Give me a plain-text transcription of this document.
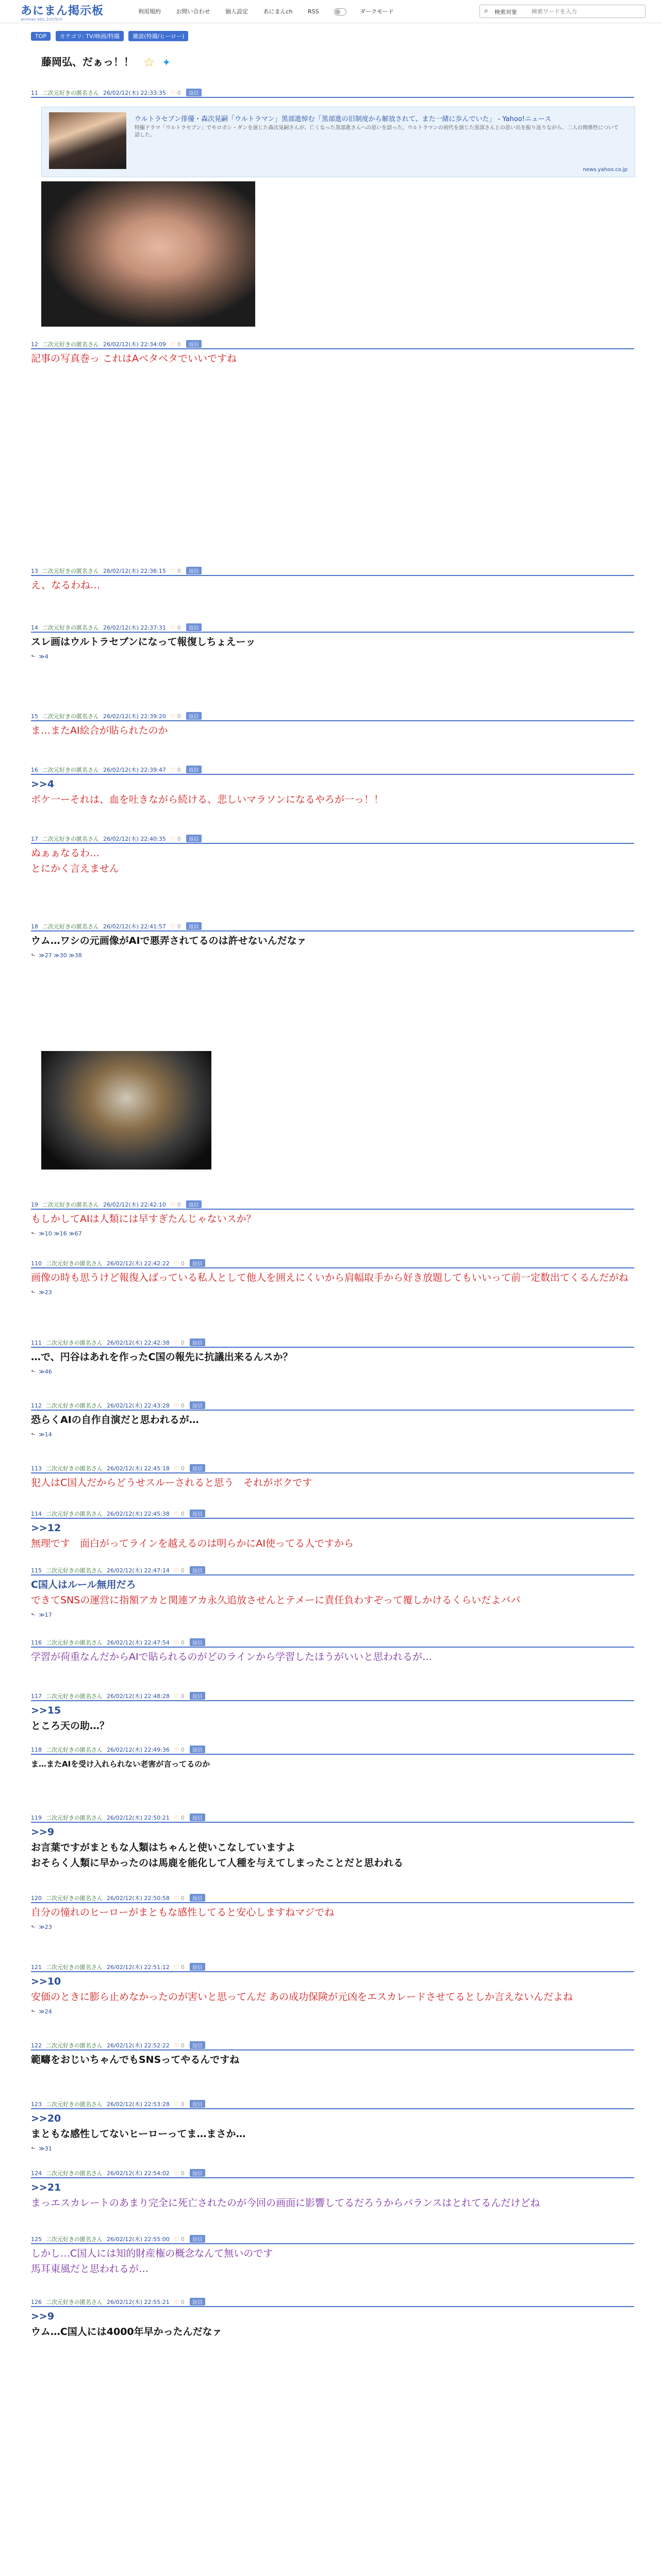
あにまん掲示板
animan bbs 2ch/5ch
利用規約	お問い合わせ	個人設定	あにまんch	RSS	ダークモード	⌕ 検索対象
検索ワードを入力
TOP カテゴリ: TV/映画/特撮 雑談(特撮/ヒーロー)
藤岡弘、だぁっ！！ ☆ ✦
ウルトラセブン俳優・森次晃嗣「ウルトラマン」黒部進悼む「黒部進の旧制度から解放されて、また一緒に歩んでいた」 - Yahoo!ニュース
特撮ドラマ「ウルトラセブン」でモロボシ・ダンを演じた森次晃嗣さんが、亡くなった黒部進さんへの思いを語った。ウルトラマンの初代を演じた黒部さんとの思い出を振り返りながら、二人の関係性について話した。
news.yahoo.co.jp
11 二次元好きの匿名さん 26/02/12(木) 22:33:35 ♡ 0 返信
12 二次元好きの匿名さん 26/02/12(木) 22:34:09 ♡ 0 返信
記事の写真巻っ これはAベタベタでいいですね
13 二次元好きの匿名さん 26/02/12(木) 22:36:15 ♡ 0 返信
え、なるわね…
14 二次元好きの匿名さん 26/02/12(木) 22:37:31 ♡ 0 返信
スレ画はウルトラセブンになって報復しちょえーッ
⬑ ≫4
15 二次元好きの匿名さん 26/02/12(木) 22:39:20 ♡ 0 返信
ま…またAI絵合が貼られたのか
16 二次元好きの匿名さん 26/02/12(木) 22:39:47 ♡ 0 返信
>>4
ボケ一ーそれは、血を吐きながら続ける、悲しいマラソンになるやろが一っ！！
17 二次元好きの匿名さん 26/02/12(木) 22:40:35 ♡ 0 返信
ぬぁぁなるわ…
とにかく言えません
18 二次元好きの匿名さん 26/02/12(木) 22:41:57 ♡ 0 返信
ウム…ワシの元画像がAIで悪弄されてるのは許せないんだなァ
⬑ ≫27 ≫30 ≫38
19 二次元好きの匿名さん 26/02/12(木) 22:42:10 ♡ 0 返信
もしかしてAIは人類には早すぎたんじゃないスか？
⬑ ≫10 ≫16 ≫67
110 二次元好きの匿名さん 26/02/12(木) 22:42:22 ♡ 0 返信
画像の時も思うけど報復入ばっている私人として他人を囲えにくいから肩幅取手から好き放題してもいいって前一定数出てくるんだがね
⬑ ≫23
111 二次元好きの匿名さん 26/02/12(木) 22:42:38 ♡ 0 返信
…で、円谷はあれを作ったC国の報先に抗議出来るんスか？
⬑ ≫46
112 二次元好きの匿名さん 26/02/12(木) 22:43:28 ♡ 0 返信
恐らくAIの自作自演だと思われるが…
⬑ ≫14
113 二次元好きの匿名さん 26/02/12(木) 22:45:18 ♡ 0 返信
犯人はC国人だからどうせスルーされると思う　それがボクです
114 二次元好きの匿名さん 26/02/12(木) 22:45:38 ♡ 0 返信
>>12
無理です　面白がってラインを越えるのは明らかにAI使ってる人ですから
115 二次元好きの匿名さん 26/02/12(木) 22:47:14 ♡ 0 返信
C国人はルール無用だろ
できてSNSの運営に指額アカと関連アカ永久追放させんとテメーに責任負わすぞって覆しかけるくらいだよバパ
⬑ ≫17
116 二次元好きの匿名さん 26/02/12(木) 22:47:54 ♡ 0 返信
学習が荷重なんだからAIで貼られるのがどのラインから学習したほうがいいと思われるが…
117 二次元好きの匿名さん 26/02/12(木) 22:48:28 ♡ 0 返信
>>15
ところ天の助…？
118 二次元好きの匿名さん 26/02/12(木) 22:49:36 ♡ 0 返信
ま…またAIを受け入れられない老害が言ってるのか
119 二次元好きの匿名さん 26/02/12(木) 22:50:21 ♡ 0 返信
>>9
お言葉ですがまともな人類はちゃんと使いこなしていますよ
おそらく人類に早かったのは馬鹿を能化して人種を与えてしまったことだと思われる
120 二次元好きの匿名さん 26/02/12(木) 22:50:58 ♡ 0 返信
自分の憧れのヒーローがまともな感性してると安心しますねマジでね
⬑ ≫23
121 二次元好きの匿名さん 26/02/12(木) 22:51:12 ♡ 0 返信
>>10
安価のときに膨ら止めなかったのが害いと思ってんだ あの成功保険が元凶をエスカレードさせてるとしか言えないんだよね
⬑ ≫24
122 二次元好きの匿名さん 26/02/12(木) 22:52:22 ♡ 0 返信
範疇をおじいちゃんでもSNSってやるんですね
123 二次元好きの匿名さん 26/02/12(木) 22:53:28 ♡ 0 返信
>>20
まともな感性してないヒーローってま…まさか…
⬑ ≫31
124 二次元好きの匿名さん 26/02/12(木) 22:54:02 ♡ 0 返信
>>21
まっエスカレートのあまり完全に死亡されたのが今回の画面に影響してるだろうからバランスはとれてるんだけどね
125 二次元好きの匿名さん 26/02/12(木) 22:55:00 ♡ 0 返信
しかし…C国人には知的財産権の概念なんて無いのです
馬耳東風だと思われるが…
126 二次元好きの匿名さん 26/02/12(木) 22:55:21 ♡ 0 返信
>>9
ウム…C国人には4000年早かったんだなァ
